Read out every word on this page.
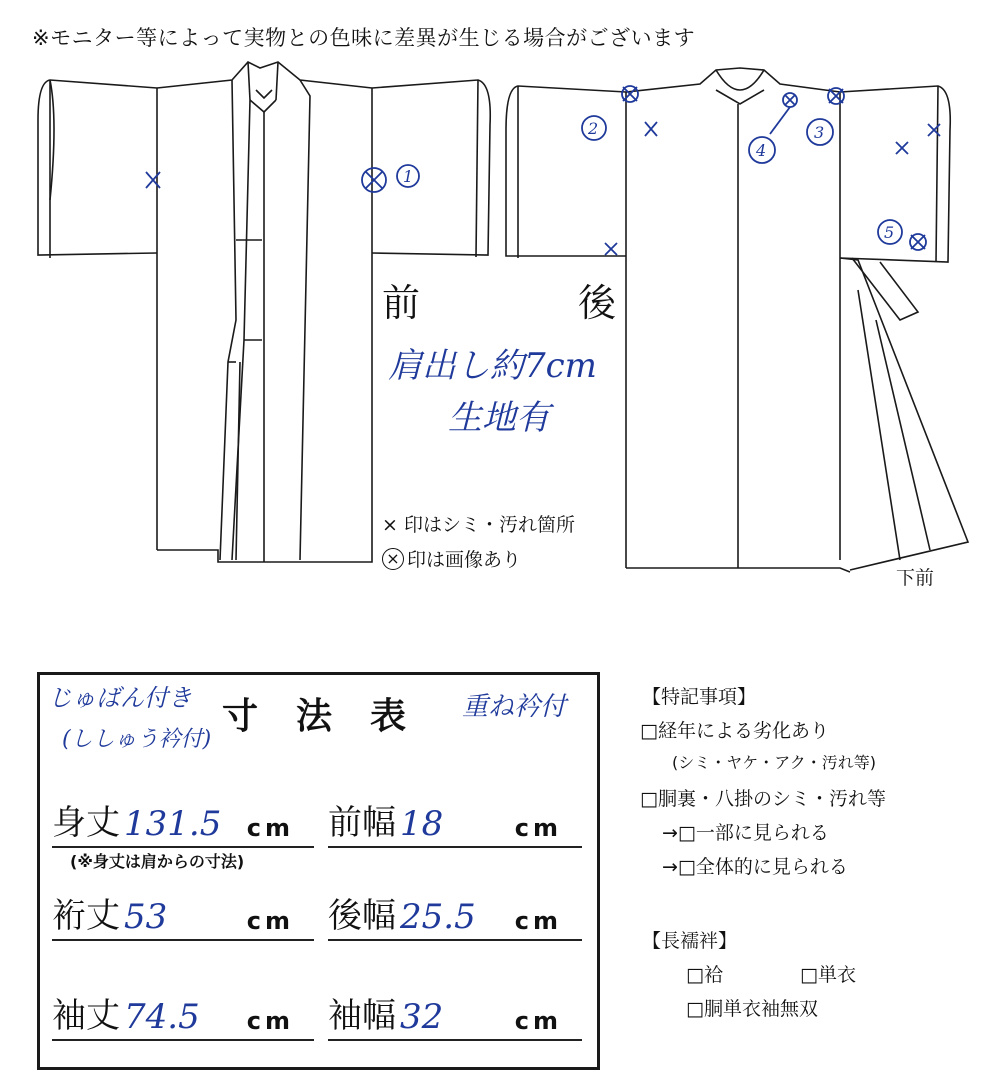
※モニター等によって実物との色味に差異が生じる場合がございます
1
2	3
4
5
前	後
肩出し約7cm
生地有
× 印はシミ・汚れ箇所
× 印は画像あり
下前
じゅばん付き
(ししゅう衿付)
寸法表 重ね衿付
身丈 131.5 cm 前幅 18	cm
(※身丈は肩からの寸法)
裄丈 53	cm 後幅 25.5 cm
袖丈 74.5 cm 袖幅 32	cm
【特記事項】
□経年による劣化あり
(シミ・ヤケ・アク・汚れ等)
□胴裏・八掛のシミ・汚れ等
→□一部に見られる
→□全体的に見られる
【長襦袢】
□袷	□単衣
□胴単衣袖無双
